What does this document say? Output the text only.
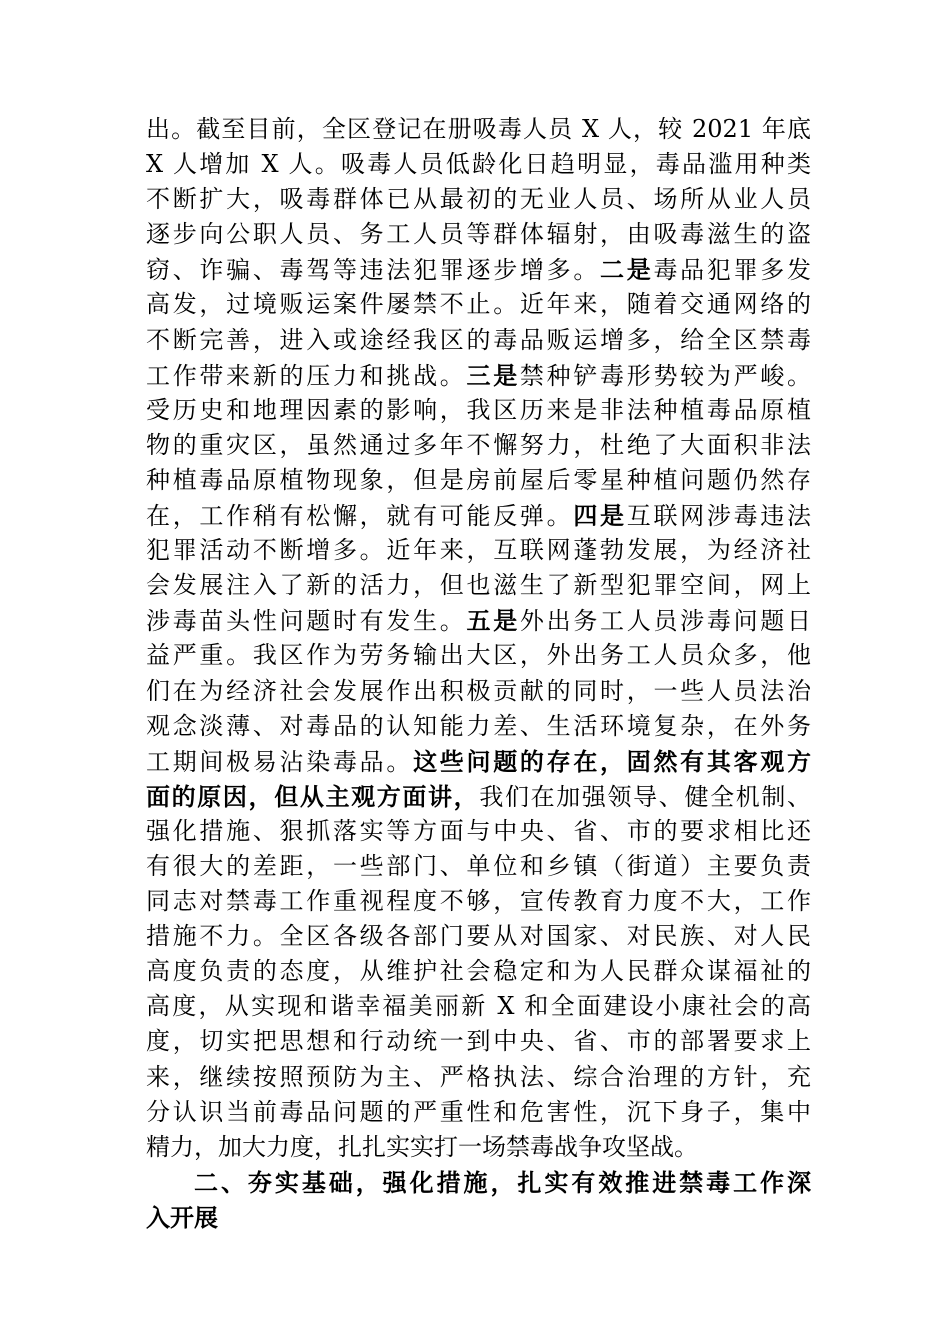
出。截至目前，全区登记在册吸毒人员 X 人，较 2021 年底
X 人增加 X 人。吸毒人员低龄化日趋明显，毒品滥用种类
不断扩大，吸毒群体已从最初的无业人员、场所从业人员
逐步向公职人员、务工人员等群体辐射，由吸毒滋生的盗
窃、诈骗、毒驾等违法犯罪逐步增多。二是毒品犯罪多发
高发，过境贩运案件屡禁不止。近年来，随着交通网络的
不断完善，进入或途经我区的毒品贩运增多，给全区禁毒
工作带来新的压力和挑战。三是禁种铲毒形势较为严峻。
受历史和地理因素的影响，我区历来是非法种植毒品原植
物的重灾区，虽然通过多年不懈努力，杜绝了大面积非法
种植毒品原植物现象，但是房前屋后零星种植问题仍然存
在，工作稍有松懈，就有可能反弹。四是互联网涉毒违法
犯罪活动不断增多。近年来，互联网蓬勃发展，为经济社
会发展注入了新的活力，但也滋生了新型犯罪空间，网上
涉毒苗头性问题时有发生。五是外出务工人员涉毒问题日
益严重。我区作为劳务输出大区，外出务工人员众多，他
们在为经济社会发展作出积极贡献的同时，一些人员法治
观念淡薄、对毒品的认知能力差、生活环境复杂，在外务
工期间极易沾染毒品。这些问题的存在，固然有其客观方
面的原因，但从主观方面讲，我们在加强领导、健全机制、
强化措施、狠抓落实等方面与中央、省、市的要求相比还
有很大的差距，一些部门、单位和乡镇（街道）主要负责
同志对禁毒工作重视程度不够，宣传教育力度不大，工作
措施不力。全区各级各部门要从对国家、对民族、对人民
高度负责的态度，从维护社会稳定和为人民群众谋福祉的
高度，从实现和谐幸福美丽新 X 和全面建设小康社会的高
度，切实把思想和行动统一到中央、省、市的部署要求上
来，继续按照预防为主、严格执法、综合治理的方针，充
分认识当前毒品问题的严重性和危害性，沉下身子，集中
精力，加大力度，扎扎实实打一场禁毒战争攻坚战。
二、夯实基础，强化措施，扎实有效推进禁毒工作深
入开展
